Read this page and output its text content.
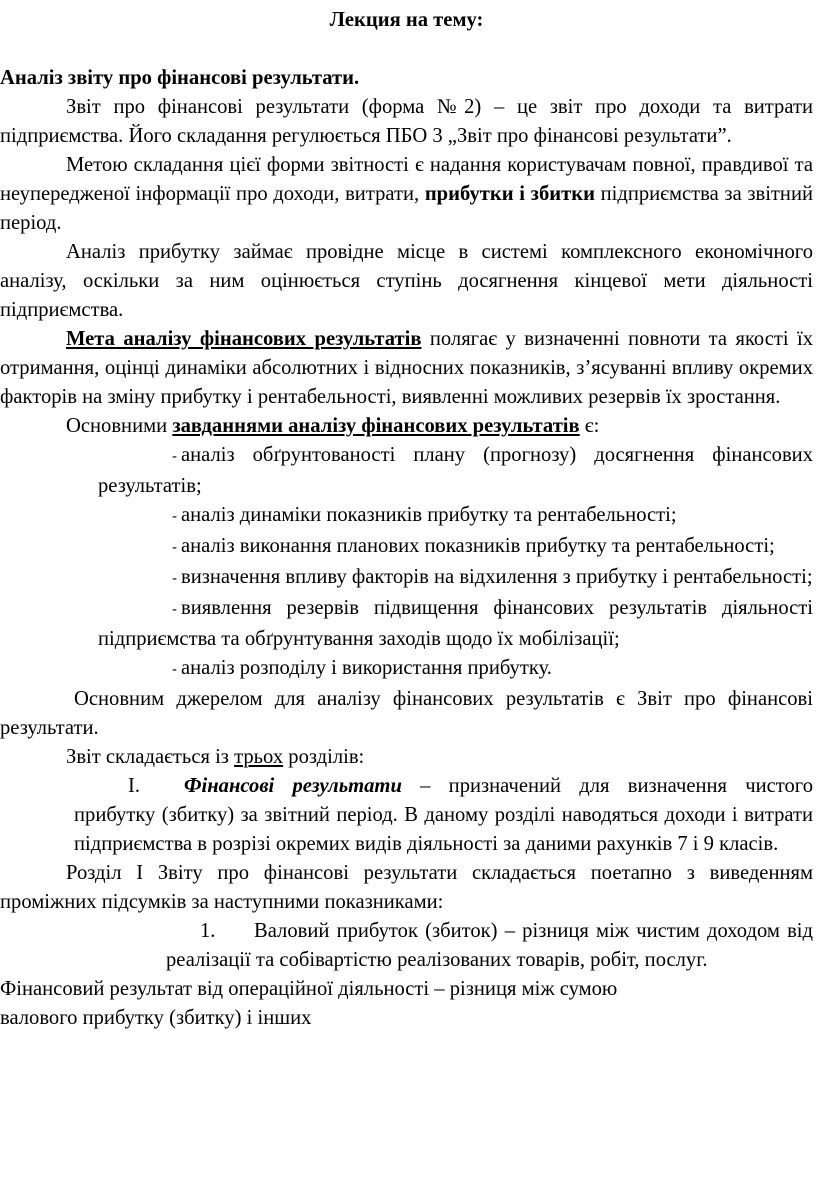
Лекция на тему:

Аналіз звіту про фінансові результати.

Звіт про фінансові результати (форма №2) – це звіт про доходи та витрати підприємства. Його складання регулюється ПБО 3 „Звіт про фінансові результати”.

Метою складання цієї форми звітності є надання користувачам повної, правдивої та неупередженої інформації про доходи, витрати, прибутки і збитки підприємства за звітний період.

Аналіз прибутку займає провідне місце в системі комплексного економічного аналізу, оскільки за ним оцінюється ступінь досягнення кінцевої мети діяльності підприємства.

Мета аналізу фінансових результатів полягає у визначенні повноти та якості їх отримання, оцінці динаміки абсолютних і відносних показників, з’ясуванні впливу окремих факторів на зміну прибутку і рентабельності, виявленні можливих резервів їх зростання.

Основними завданнями аналізу фінансових результатів є:

- аналіз обґрунтованості плану (прогнозу) досягнення фінансових результатів;

- аналіз динаміки показників прибутку та рентабельності;

- аналіз виконання планових показників прибутку та рентабельності;

- визначення впливу факторів на відхилення з прибутку і рентабельності;

- виявлення резервів підвищення фінансових результатів діяльності підприємства та обґрунтування заходів щодо їх мобілізації;

- аналіз розподілу і використання прибутку.

Основним джерелом для аналізу фінансових результатів є Звіт про фінансові результати.

Звіт складається із трьох розділів:

I. Фінансові результати – призначений для визначення чистого прибутку (збитку) за звітний період. В даному розділі наводяться доходи і витрати підприємства в розрізі окремих видів діяльності за даними рахунків 7 і 9 класів.

Розділ I Звіту про фінансові результати складається поетапно з виведенням проміжних підсумків за наступними показниками:

1. Валовий прибуток (збиток) – різниця між чистим доходом від реалізації та собівартістю реалізованих товарів, робіт, послуг.

Фінансовий результат від операційної діяльності – різниця між сумою
валового прибутку (збитку) і інших
